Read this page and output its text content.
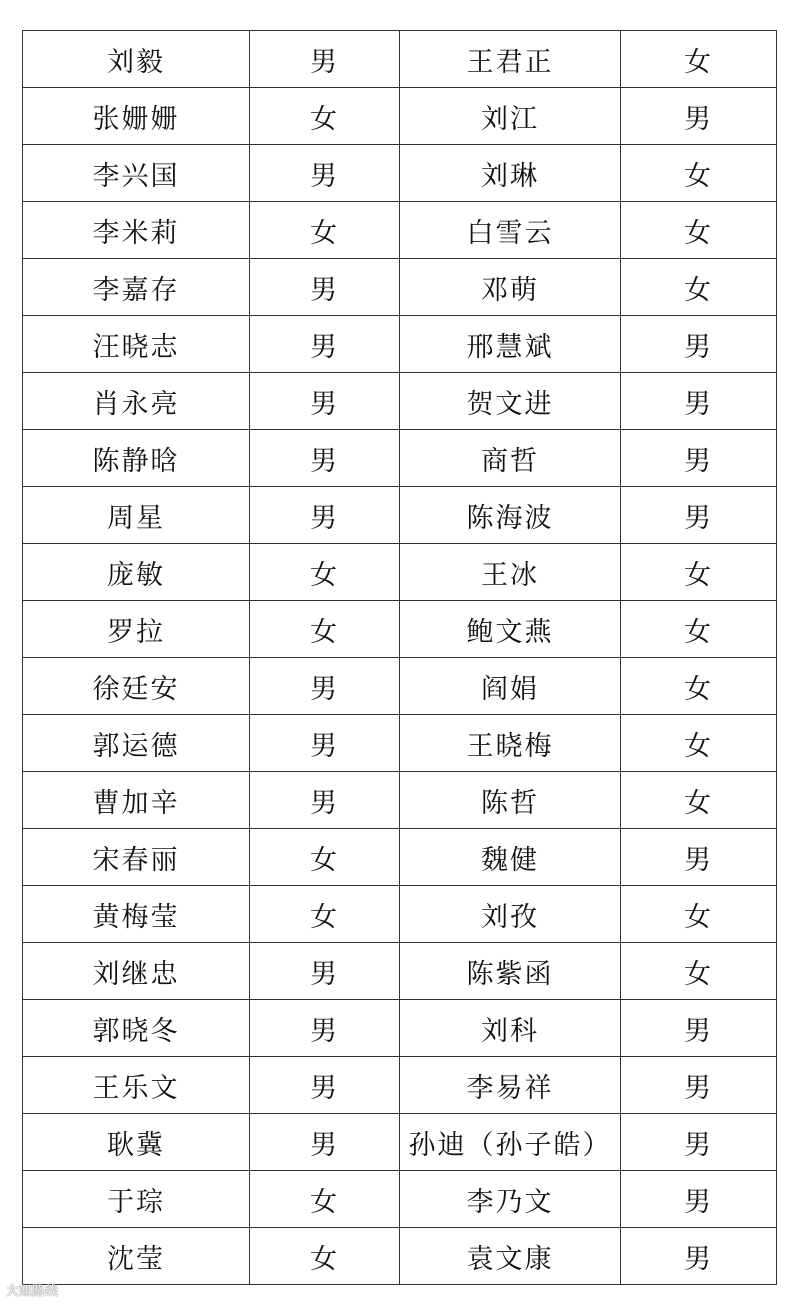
刘毅	男	王君正	女
张姗姗	女	刘江	男
李兴国	男	刘琳	女
李米莉	女	白雪云	女
李嘉存	男	邓萌	女
汪晓志	男	邢慧斌	男
肖永亮	男	贺文进	男
陈静晗	男	商哲	男
周星	男	陈海波	男
庞敏	女	王冰	女
罗拉	女	鲍文燕	女
徐廷安	男	阎娟	女
郭运德	男	王晓梅	女
曹加辛	男	陈哲	女
宋春丽	女	魏健	男
黄梅莹	女	刘孜	女
刘继忠	男	陈紫函	女
郭晓冬	男	刘科	男
王乐文	男	李易祥	男
耿冀	男	孙迪（孙子皓）	男
于琮	女	李乃文	男
沈莹	女	袁文康	男
大妞路线
